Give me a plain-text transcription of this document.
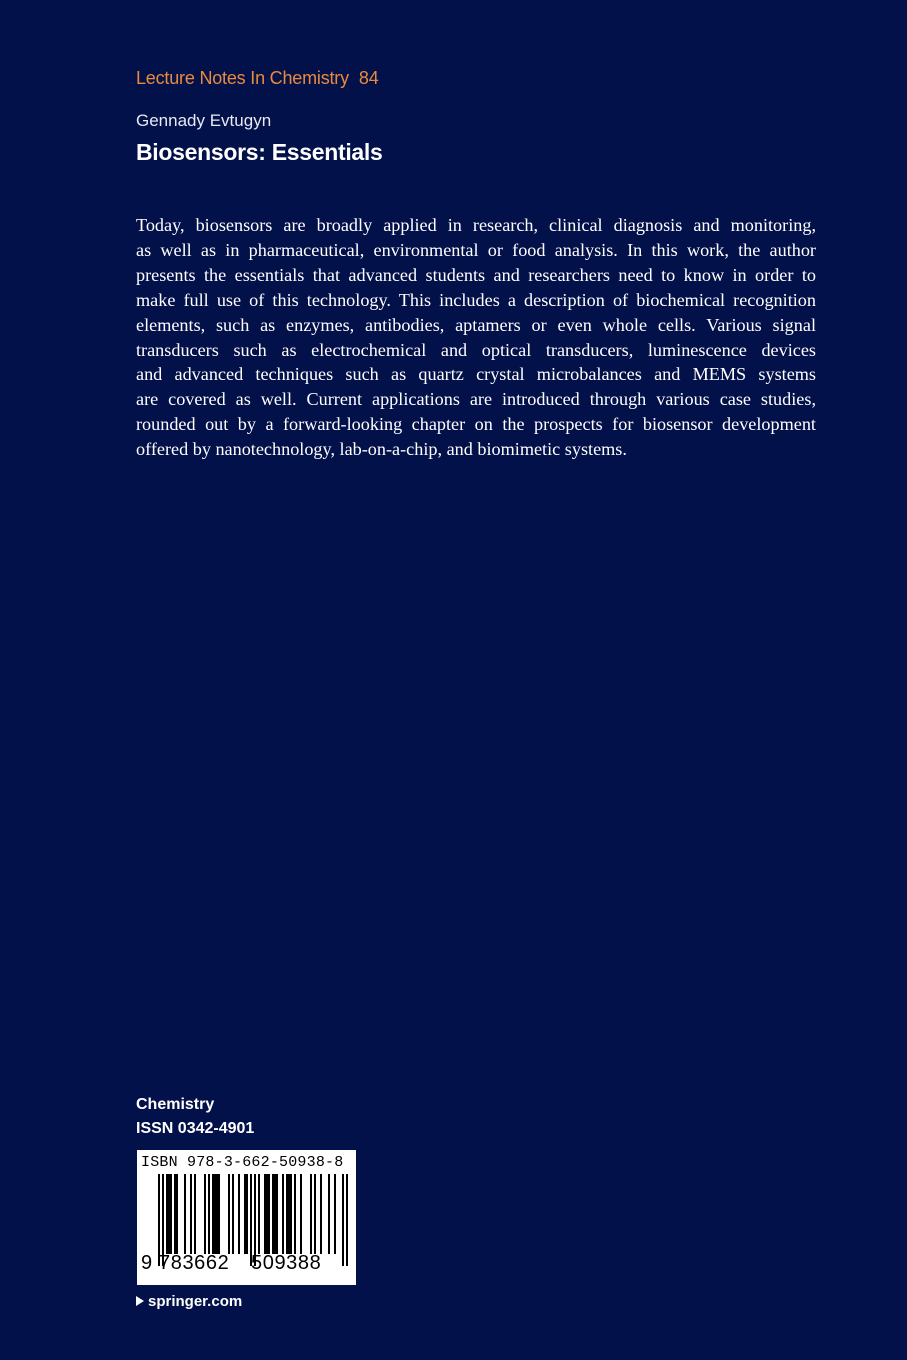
Lecture Notes In Chemistry 84
Gennady Evtugyn
Biosensors: Essentials
Today, biosensors are broadly applied in research, clinical diagnosis and monitoring,
as well as in pharmaceutical, environmental or food analysis. In this work, the author
presents the essentials that advanced students and researchers need to know in order to
make full use of this technology. This includes a description of biochemical recognition
elements, such as enzymes, antibodies, aptamers or even whole cells. Various signal
transducers such as electrochemical and optical transducers, luminescence devices
and advanced techniques such as quartz crystal microbalances and MEMS systems
are covered as well. Current applications are introduced through various case studies,
rounded out by a forward-looking chapter on the prospects for biosensor development
offered by nanotechnology, lab-on-a-chip, and biomimetic systems.
Chemistry
ISSN 0342-4901
ISBN 978-3-662-50938-8
9 783662 509388
springer.com
